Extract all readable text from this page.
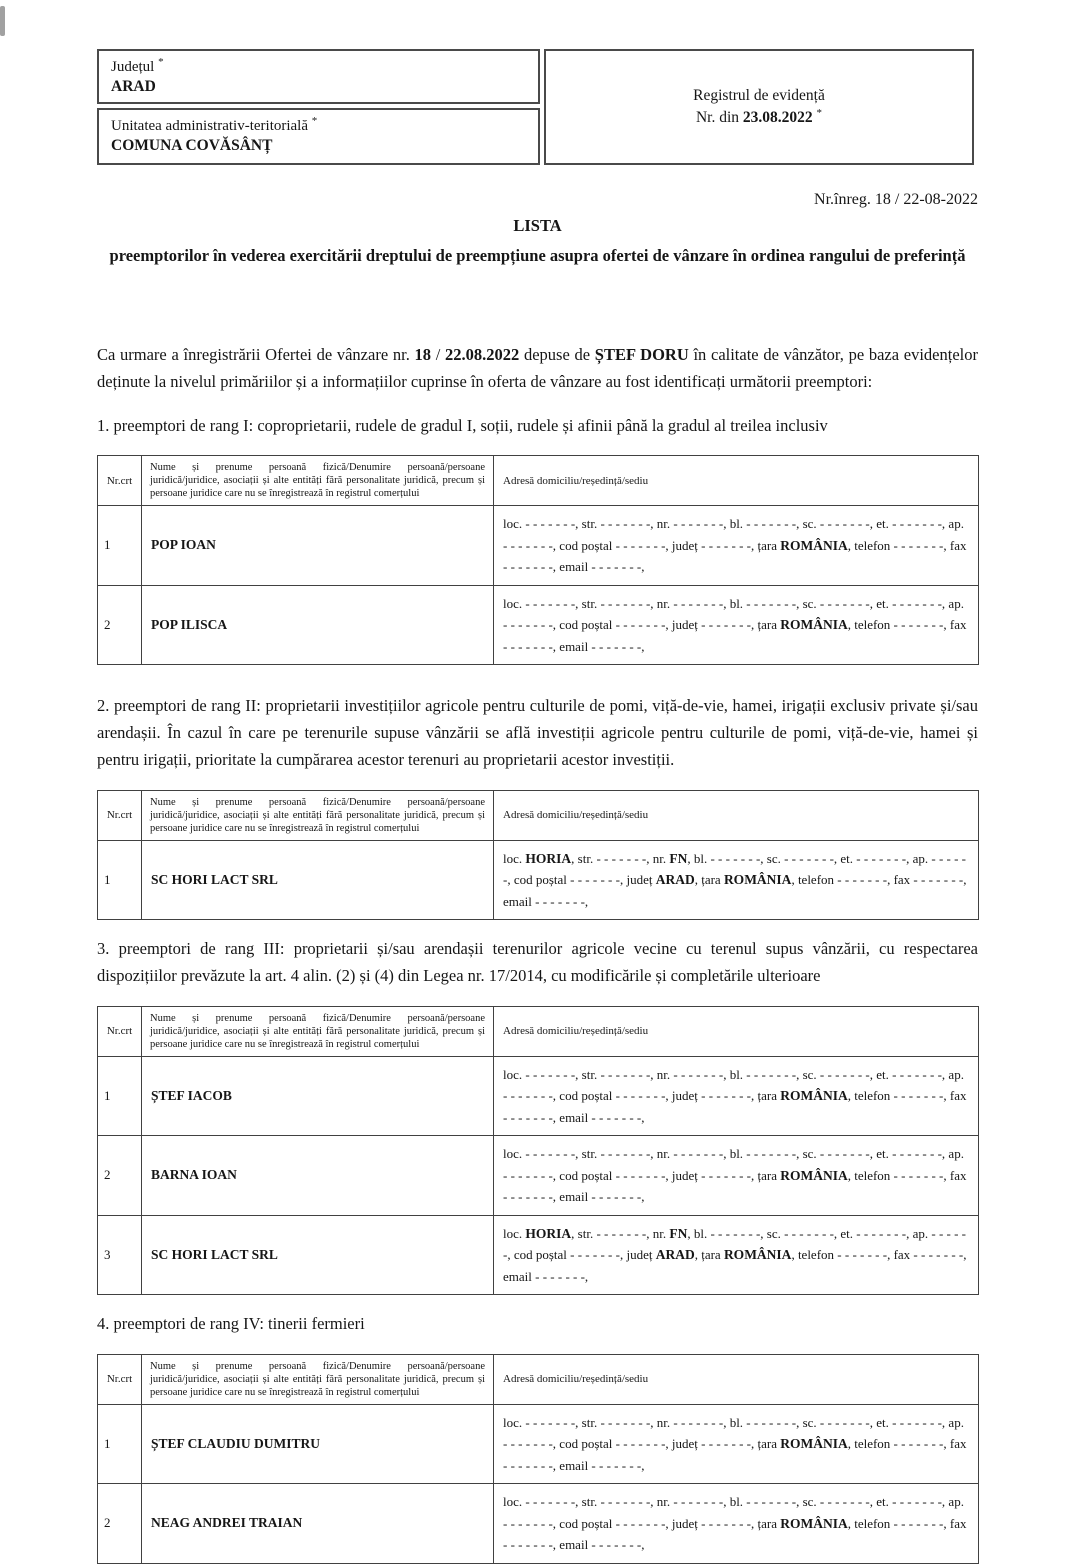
Județul *
ARAD
Unitatea administrativ-teritorială *
COMUNA COVĂSÂNȚ
Registrul de evidență
Nr. din 23.08.2022 *
Nr.înreg. 18 / 22-08-2022
LISTA
preemptorilor în vederea exercitării dreptului de preempțiune asupra ofertei de vânzare în ordinea rangului de preferință

Ca urmare a înregistrării Ofertei de vânzare nr. 18 / 22.08.2022 depuse de ȘTEF DORU în calitate de vânzător, pe baza evidențelor deținute la nivelul primăriilor și a informațiilor cuprinse în oferta de vânzare au fost identificați următorii preemptori:

1. preemptori de rang I: coproprietarii, rudele de gradul I, soții, rudele și afinii până la gradul al treilea inclusiv

Nr.crt	Nume și prenume persoană fizică/Denumire persoană/persoane juridică/juridice, asociații și alte entități fără personalitate juridică, precum și persoane juridice care nu se înregistrează în registrul comerțului	Adresă domiciliu/reședință/sediu
1	POP IOAN	loc. - - - - - - -, str. - - - - - - -, nr. - - - - - - -, bl. - - - - - - -, sc. - - - - - - -, et. - - - - - - -, ap. - - - - - - -, cod poștal - - - - - - -, județ - - - - - - -, țara ROMÂNIA, telefon - - - - - - -, fax - - - - - - -, email - - - - - - -,
2	POP ILISCA	loc. - - - - - - -, str. - - - - - - -, nr. - - - - - - -, bl. - - - - - - -, sc. - - - - - - -, et. - - - - - - -, ap. - - - - - - -, cod poștal - - - - - - -, județ - - - - - - -, țara ROMÂNIA, telefon - - - - - - -, fax - - - - - - -, email - - - - - - -,

2. preemptori de rang II: proprietarii investițiilor agricole pentru culturile de pomi, viță-de-vie, hamei, irigații exclusiv private și/sau arendașii. În cazul în care pe terenurile supuse vânzării se află investiții agricole pentru culturile de pomi, viță-de-vie, hamei și pentru irigații, prioritate la cumpărarea acestor terenuri au proprietarii acestor investiții.

Nr.crt	Nume și prenume persoană fizică/Denumire persoană/persoane juridică/juridice, asociații și alte entități fără personalitate juridică, precum și persoane juridice care nu se înregistrează în registrul comerțului	Adresă domiciliu/reședință/sediu
1	SC HORI LACT SRL	loc. HORIA, str. - - - - - - -, nr. FN, bl. - - - - - - -, sc. - - - - - - -, et. - - - - - - -, ap. - - - - - -, cod poștal - - - - - - -, județ ARAD, țara ROMÂNIA, telefon - - - - - - -, fax - - - - - - -, email - - - - - - -,

3. preemptori de rang III: proprietarii și/sau arendașii terenurilor agricole vecine cu terenul supus vânzării, cu respectarea dispozițiilor prevăzute la art. 4 alin. (2) și (4) din Legea nr. 17/2014, cu modificările și completările ulterioare

Nr.crt	Nume și prenume persoană fizică/Denumire persoană/persoane juridică/juridice, asociații și alte entități fără personalitate juridică, precum și persoane juridice care nu se înregistrează în registrul comerțului	Adresă domiciliu/reședință/sediu
1	ȘTEF IACOB	loc. - - - - - - -, str. - - - - - - -, nr. - - - - - - -, bl. - - - - - - -, sc. - - - - - - -, et. - - - - - - -, ap. - - - - - - -, cod poștal - - - - - - -, județ - - - - - - -, țara ROMÂNIA, telefon - - - - - - -, fax - - - - - - -, email - - - - - - -,
2	BARNA IOAN	loc. - - - - - - -, str. - - - - - - -, nr. - - - - - - -, bl. - - - - - - -, sc. - - - - - - -, et. - - - - - - -, ap. - - - - - - -, cod poștal - - - - - - -, județ - - - - - - -, țara ROMÂNIA, telefon - - - - - - -, fax - - - - - - -, email - - - - - - -,
3	SC HORI LACT SRL	loc. HORIA, str. - - - - - - -, nr. FN, bl. - - - - - - -, sc. - - - - - - -, et. - - - - - - -, ap. - - - - - -, cod poștal - - - - - - -, județ ARAD, țara ROMÂNIA, telefon - - - - - - -, fax - - - - - - -, email - - - - - - -,

4. preemptori de rang IV: tinerii fermieri

Nr.crt	Nume și prenume persoană fizică/Denumire persoană/persoane juridică/juridice, asociații și alte entități fără personalitate juridică, precum și persoane juridice care nu se înregistrează în registrul comerțului	Adresă domiciliu/reședință/sediu
1	ȘTEF CLAUDIU DUMITRU	loc. - - - - - - -, str. - - - - - - -, nr. - - - - - - -, bl. - - - - - - -, sc. - - - - - - -, et. - - - - - - -, ap. - - - - - - -, cod poștal - - - - - - -, județ - - - - - - -, țara ROMÂNIA, telefon - - - - - - -, fax - - - - - - -, email - - - - - - -,
2	NEAG ANDREI TRAIAN	loc. - - - - - - -, str. - - - - - - -, nr. - - - - - - -, bl. - - - - - - -, sc. - - - - - - -, et. - - - - - - -, ap. - - - - - - -, cod poștal - - - - - - -, județ - - - - - - -, țara ROMÂNIA, telefon - - - - - - -, fax - - - - - - -, email - - - - - - -,
